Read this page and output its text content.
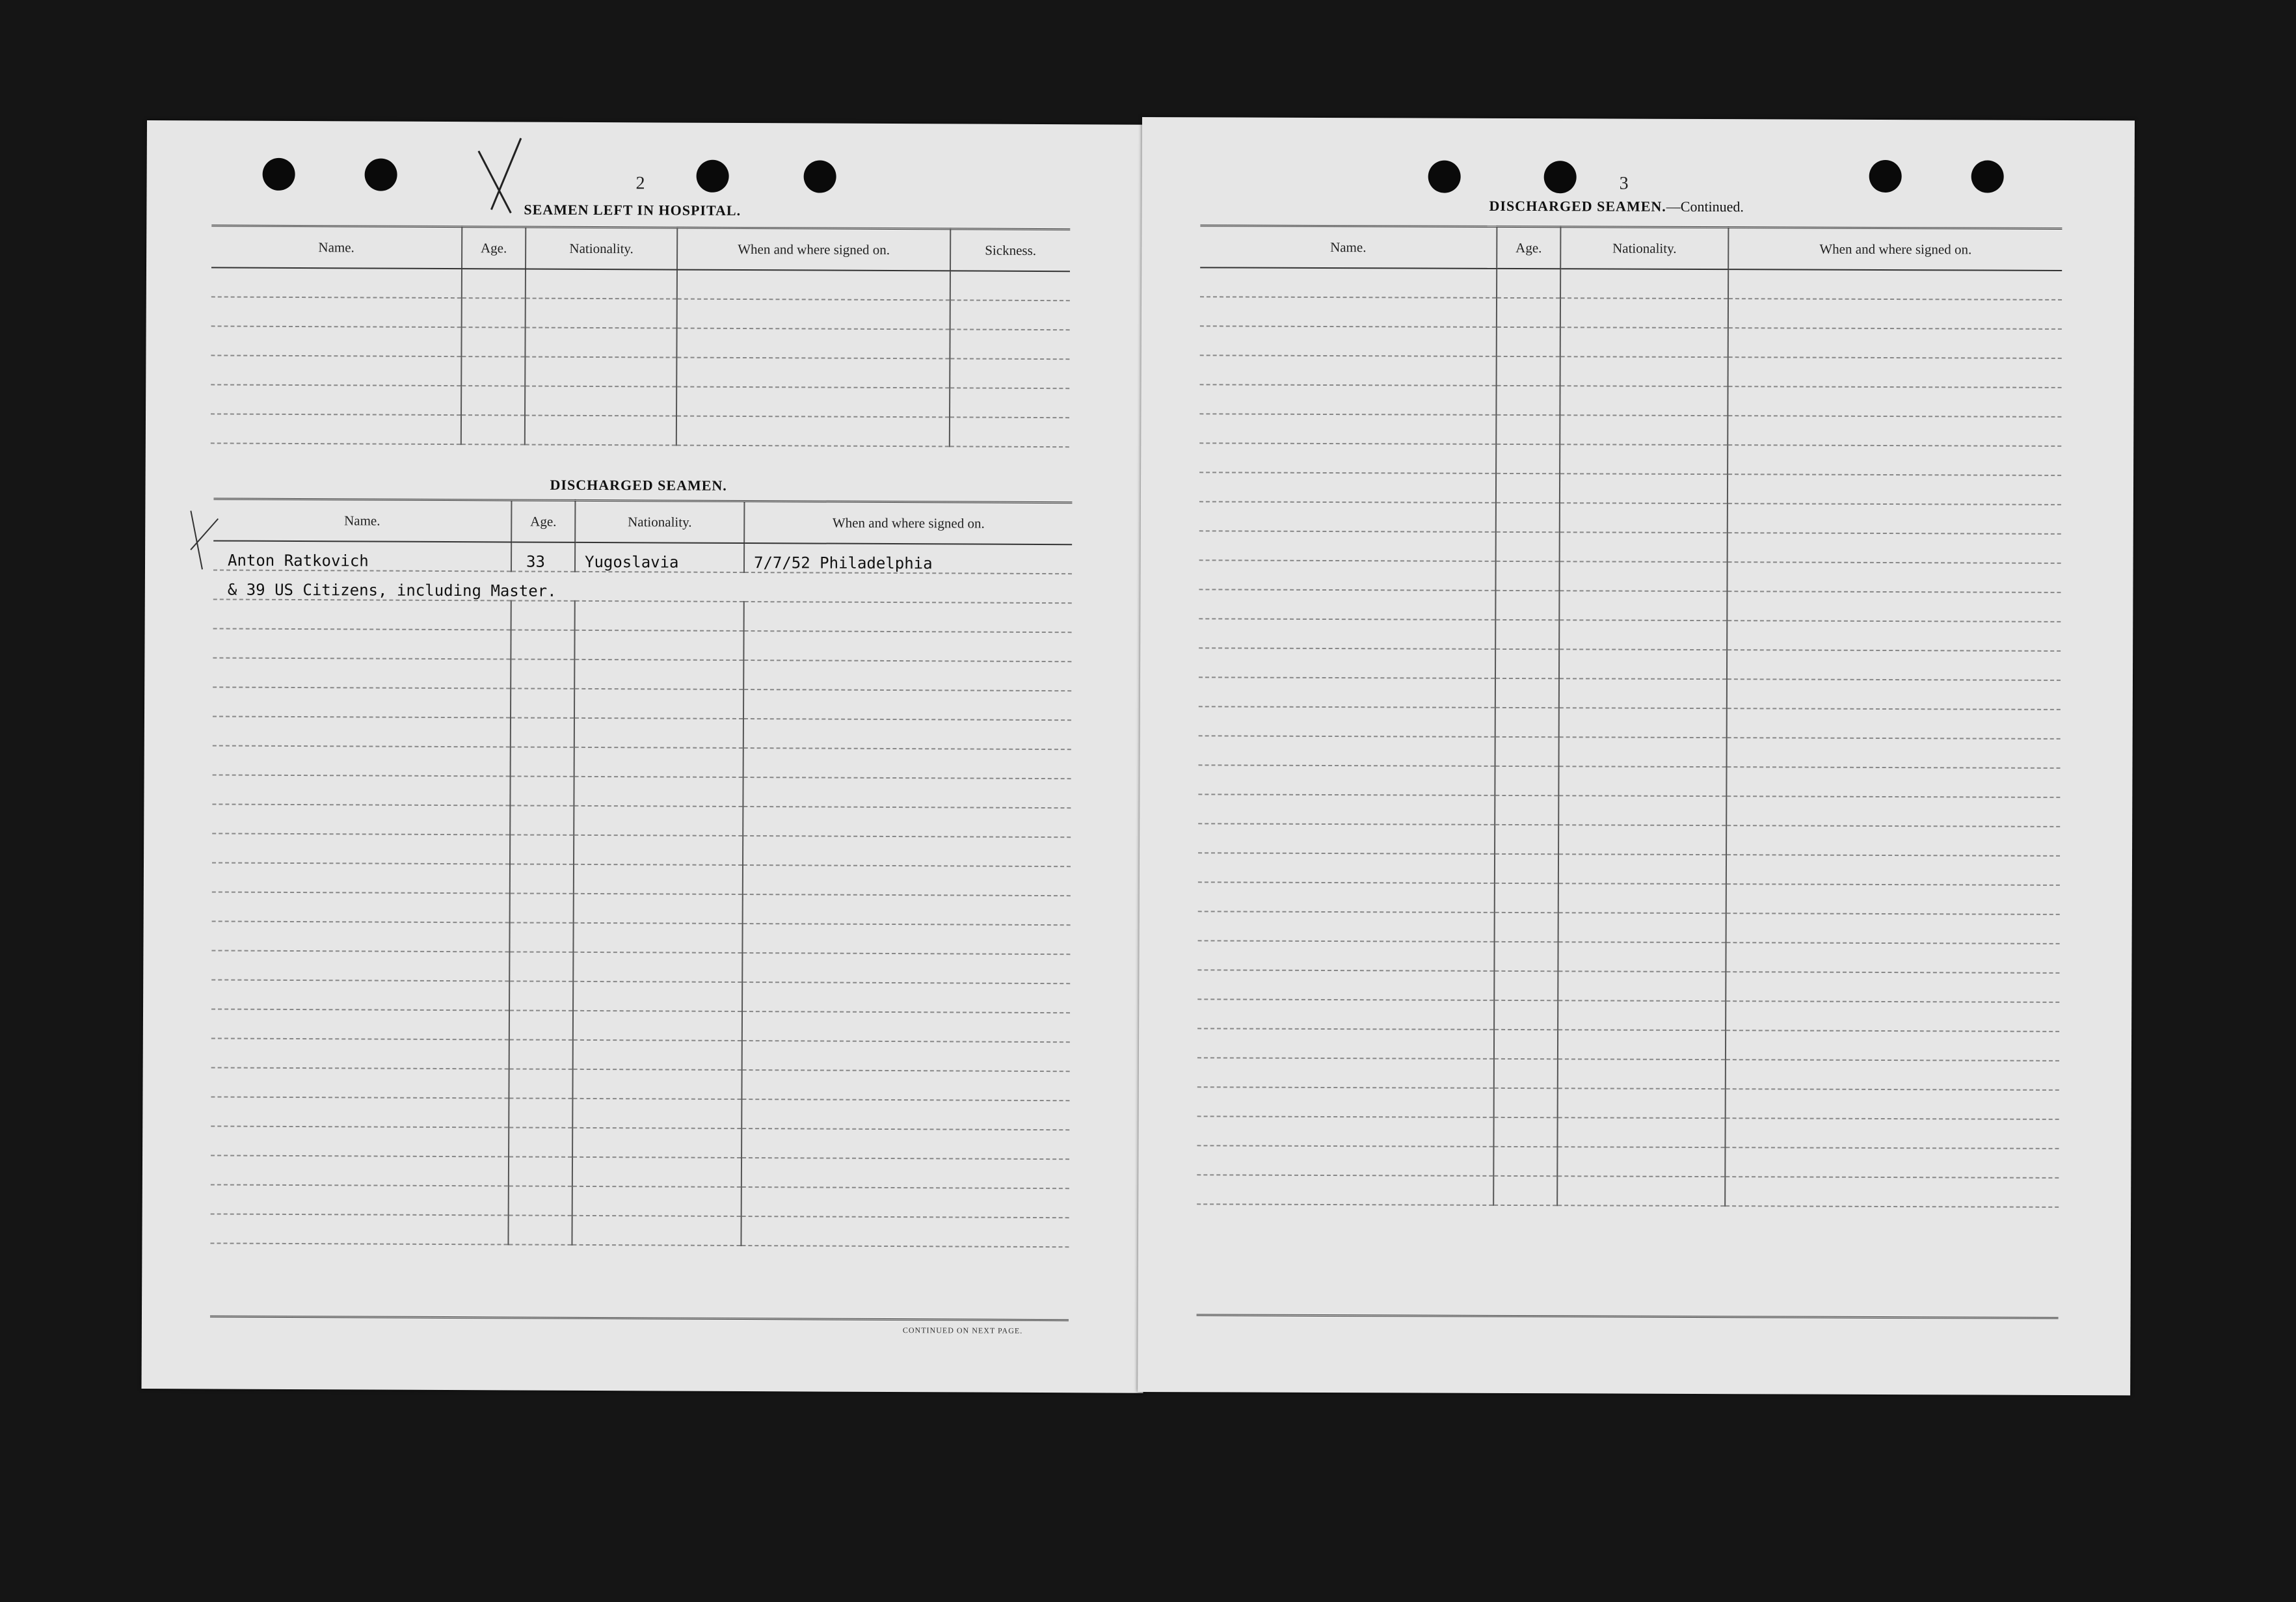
2
SEAMEN LEFT IN HOSPITAL.
Name.	Age.	Nationality.	When and where signed on.	Sickness.

DISCHARGED SEAMEN.
Name.	Age.	Nationality.	When and where signed on.
Anton Ratkovich	33	Yugoslavia	7/7/52 Philadelphia
& 39 US Citizens, including Master.			

CONTINUED ON NEXT PAGE.
3
DISCHARGED SEAMEN.—Continued.
Name.	Age.	Nationality.	When and where signed on.
